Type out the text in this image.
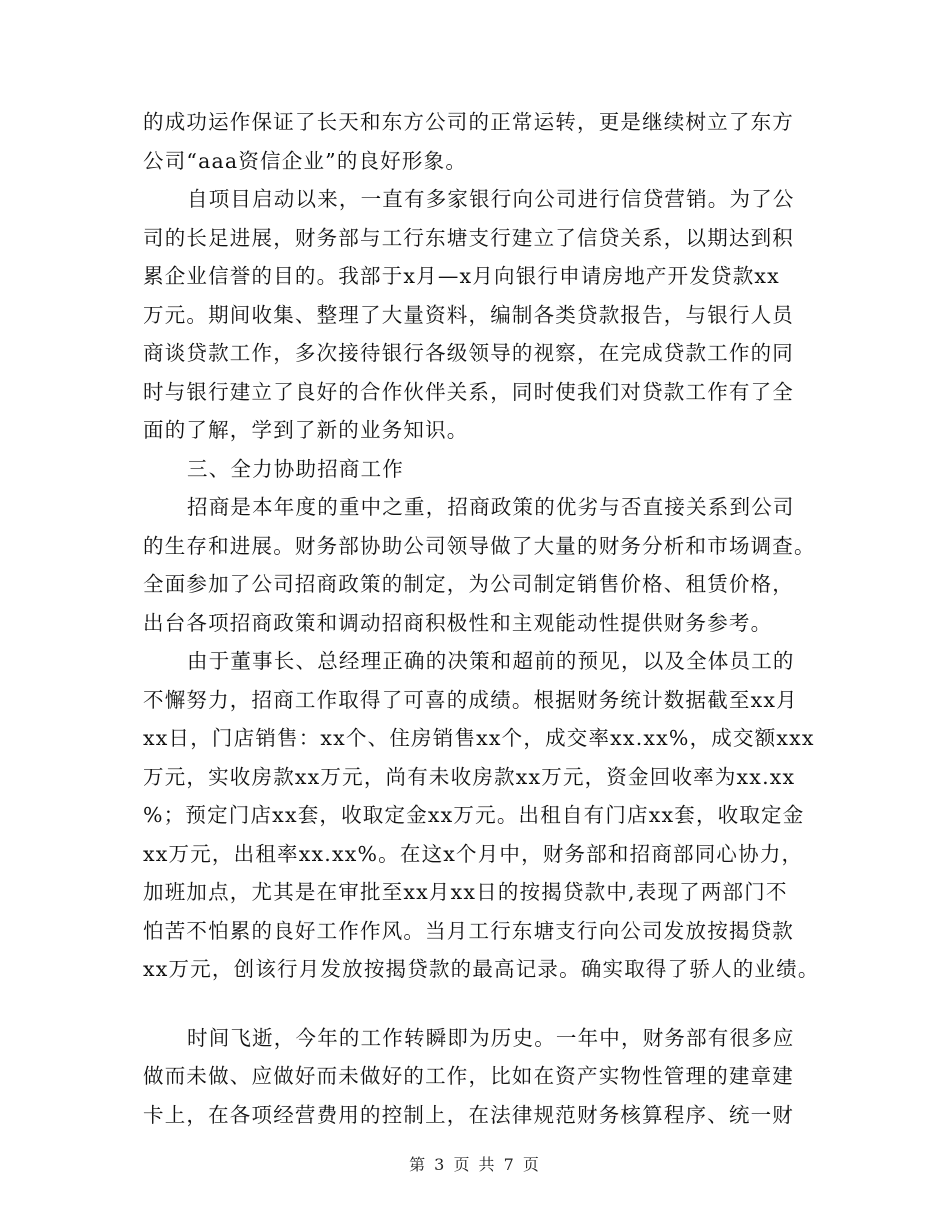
的成功运作保证了长天和东方公司的正常运转，更是继续树立了东方
公司“aaa资信企业”的良好形象。
自项目启动以来，一直有多家银行向公司进行信贷营销。为了公
司的长足进展，财务部与工行东塘支行建立了信贷关系，以期达到积
累企业信誉的目的。我部于x月—x月向银行申请房地产开发贷款xx
万元。期间收集、整理了大量资料，编制各类贷款报告，与银行人员
商谈贷款工作，多次接待银行各级领导的视察，在完成贷款工作的同
时与银行建立了良好的合作伙伴关系，同时使我们对贷款工作有了全
面的了解，学到了新的业务知识。
三、全力协助招商工作
招商是本年度的重中之重，招商政策的优劣与否直接关系到公司
的生存和进展。财务部协助公司领导做了大量的财务分析和市场调查。
全面参加了公司招商政策的制定，为公司制定销售价格、租赁价格，
出台各项招商政策和调动招商积极性和主观能动性提供财务参考。
由于董事长、总经理正确的决策和超前的预见，以及全体员工的
不懈努力，招商工作取得了可喜的成绩。根据财务统计数据截至xx月
xx日，门店销售：xx个、住房销售xx个，成交率xx.xx%，成交额xxx
万元，实收房款xx万元，尚有未收房款xx万元，资金回收率为xx.xx
%；预定门店xx套，收取定金xx万元。出租自有门店xx套，收取定金
xx万元，出租率xx.xx%。在这x个月中，财务部和招商部同心协力，
加班加点，尤其是在审批至xx月xx日的按揭贷款中,表现了两部门不
怕苦不怕累的良好工作作风。当月工行东塘支行向公司发放按揭贷款
xx万元，创该行月发放按揭贷款的最高记录。确实取得了骄人的业绩。
时间飞逝，今年的工作转瞬即为历史。一年中，财务部有很多应
做而未做、应做好而未做好的工作，比如在资产实物性管理的建章建
卡上，在各项经营费用的控制上，在法律规范财务核算程序、统一财
第 3 页 共 7 页
